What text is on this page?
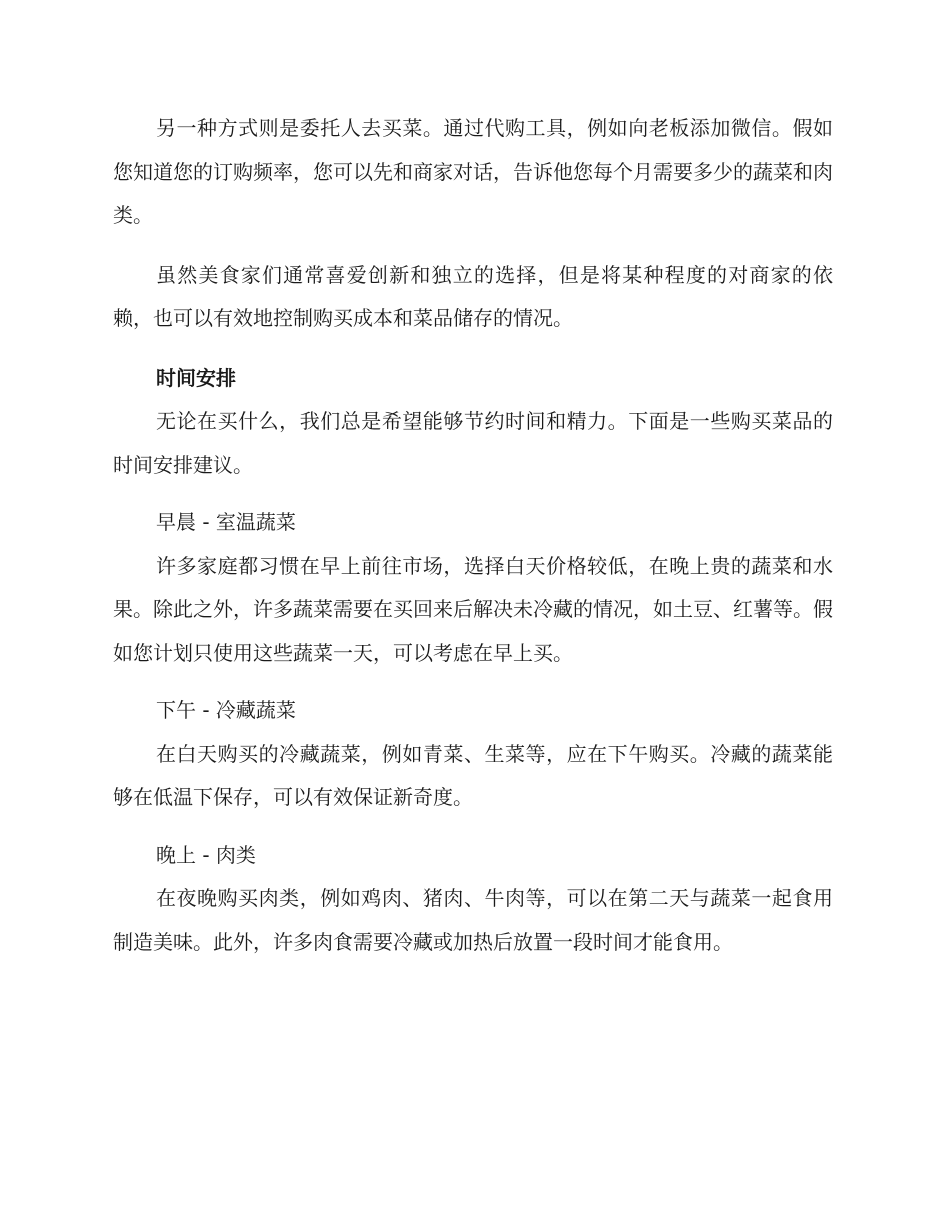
另一种方式则是委托人去买菜。通过代购工具，例如向老板添加微信。假如您知道您的订购频率，您可以先和商家对话，告诉他您每个月需要多少的蔬菜和肉类。

虽然美食家们通常喜爱创新和独立的选择，但是将某种程度的对商家的依赖，也可以有效地控制购买成本和菜品储存的情况。

时间安排

无论在买什么，我们总是希望能够节约时间和精力。下面是一些购买菜品的时间安排建议。

早晨 - 室温蔬菜

许多家庭都习惯在早上前往市场，选择白天价格较低，在晚上贵的蔬菜和水果。除此之外，许多蔬菜需要在买回来后解决未冷藏的情况，如土豆、红薯等。假如您计划只使用这些蔬菜一天，可以考虑在早上买。

下午 - 冷藏蔬菜

在白天购买的冷藏蔬菜，例如青菜、生菜等，应在下午购买。冷藏的蔬菜能够在低温下保存，可以有效保证新奇度。

晚上 - 肉类

在夜晚购买肉类，例如鸡肉、猪肉、牛肉等，可以在第二天与蔬菜一起食用制造美味。此外，许多肉食需要冷藏或加热后放置一段时间才能食用。
